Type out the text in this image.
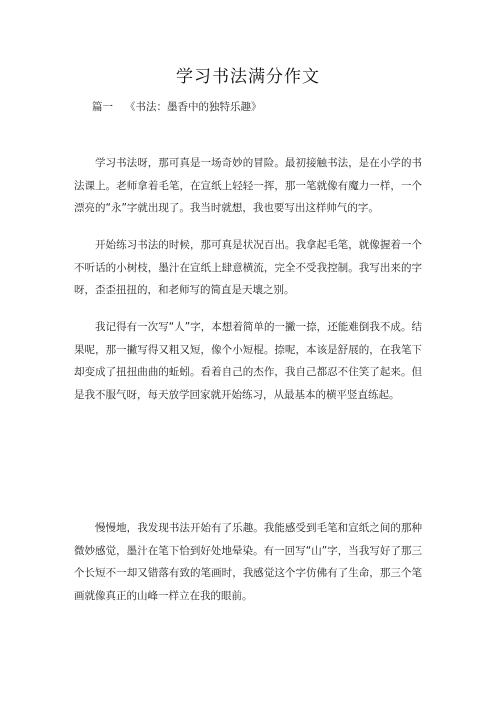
学习书法满分作文
篇一 《书法：墨香中的独特乐趣》

学习书法呀，那可真是一场奇妙的冒险。最初接触书法，是在小学的书法课上。老师拿着毛笔，在宣纸上轻轻一挥，那一笔就像有魔力一样，一个漂亮的“永”字就出现了。我当时就想，我也要写出这样帅气的字。

开始练习书法的时候，那可真是状况百出。我拿起毛笔，就像握着一个不听话的小树枝，墨汁在宣纸上肆意横流，完全不受我控制。我写出来的字呀，歪歪扭扭的，和老师写的简直是天壤之别。

我记得有一次写“人”字，本想着简单的一撇一捺，还能难倒我不成。结果呢，那一撇写得又粗又短，像个小短棍。捺呢，本该是舒展的，在我笔下却变成了扭扭曲曲的蚯蚓。看着自己的杰作，我自己都忍不住笑了起来。但是我不服气呀，每天放学回家就开始练习，从最基本的横平竖直练起。

慢慢地，我发现书法开始有了乐趣。我能感受到毛笔和宣纸之间的那种微妙感觉，墨汁在笔下恰到好处地晕染。有一回写“山”字，当我写好了那三个长短不一却又错落有致的笔画时，我感觉这个字仿佛有了生命，那三个笔画就像真正的山峰一样立在我的眼前。
